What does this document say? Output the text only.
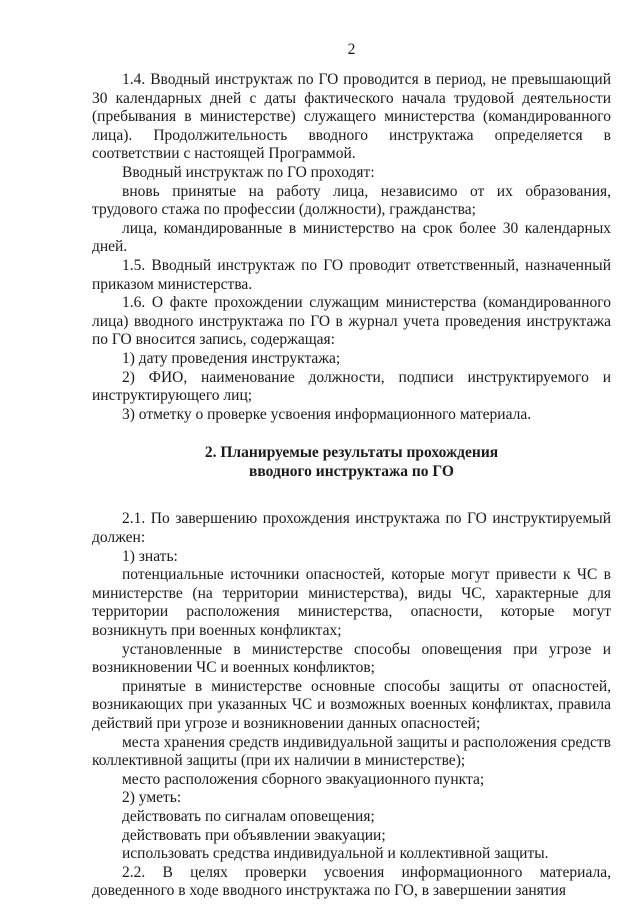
2

1.4. Вводный инструктаж по ГО проводится в период, не превышающий 30 календарных дней с даты фактического начала трудовой деятельности (пребывания в министерстве) служащего министерства (командированного лица). Продолжительность вводного инструктажа определяется в соответствии с настоящей Программой.

Вводный инструктаж по ГО проходят:

вновь принятые на работу лица, независимо от их образования, трудового стажа по профессии (должности), гражданства;

лица, командированные в министерство на срок более 30 календарных дней.

1.5. Вводный инструктаж по ГО проводит ответственный, назначенный приказом министерства.

1.6. О факте прохождении служащим министерства (командированного лица) вводного инструктажа по ГО в журнал учета проведения инструктажа по ГО вносится запись, содержащая:

1) дату проведения инструктажа;

2) ФИО, наименование должности, подписи инструктируемого и инструктирующего лиц;

3) отметку о проверке усвоения информационного материала.

2. Планируемые результаты прохождения
вводного инструктажа по ГО

2.1. По завершению прохождения инструктажа по ГО инструктируемый должен:

1) знать:

потенциальные источники опасностей, которые могут привести к ЧС в министерстве (на территории министерства), виды ЧС, характерные для территории расположения министерства, опасности, которые могут возникнуть при военных конфликтах;

установленные в министерстве способы оповещения при угрозе и возникновении ЧС и военных конфликтов;

принятые в министерстве основные способы защиты от опасностей, возникающих при указанных ЧС и возможных военных конфликтах, правила действий при угрозе и возникновении данных опасностей;

места хранения средств индивидуальной защиты и расположения средств коллективной защиты (при их наличии в министерстве);

место расположения сборного эвакуационного пункта;

2) уметь:

действовать по сигналам оповещения;

действовать при объявлении эвакуации;

использовать средства индивидуальной и коллективной защиты.

2.2. В целях проверки усвоения информационного материала, доведенного в ходе вводного инструктажа по ГО, в завершении занятия
